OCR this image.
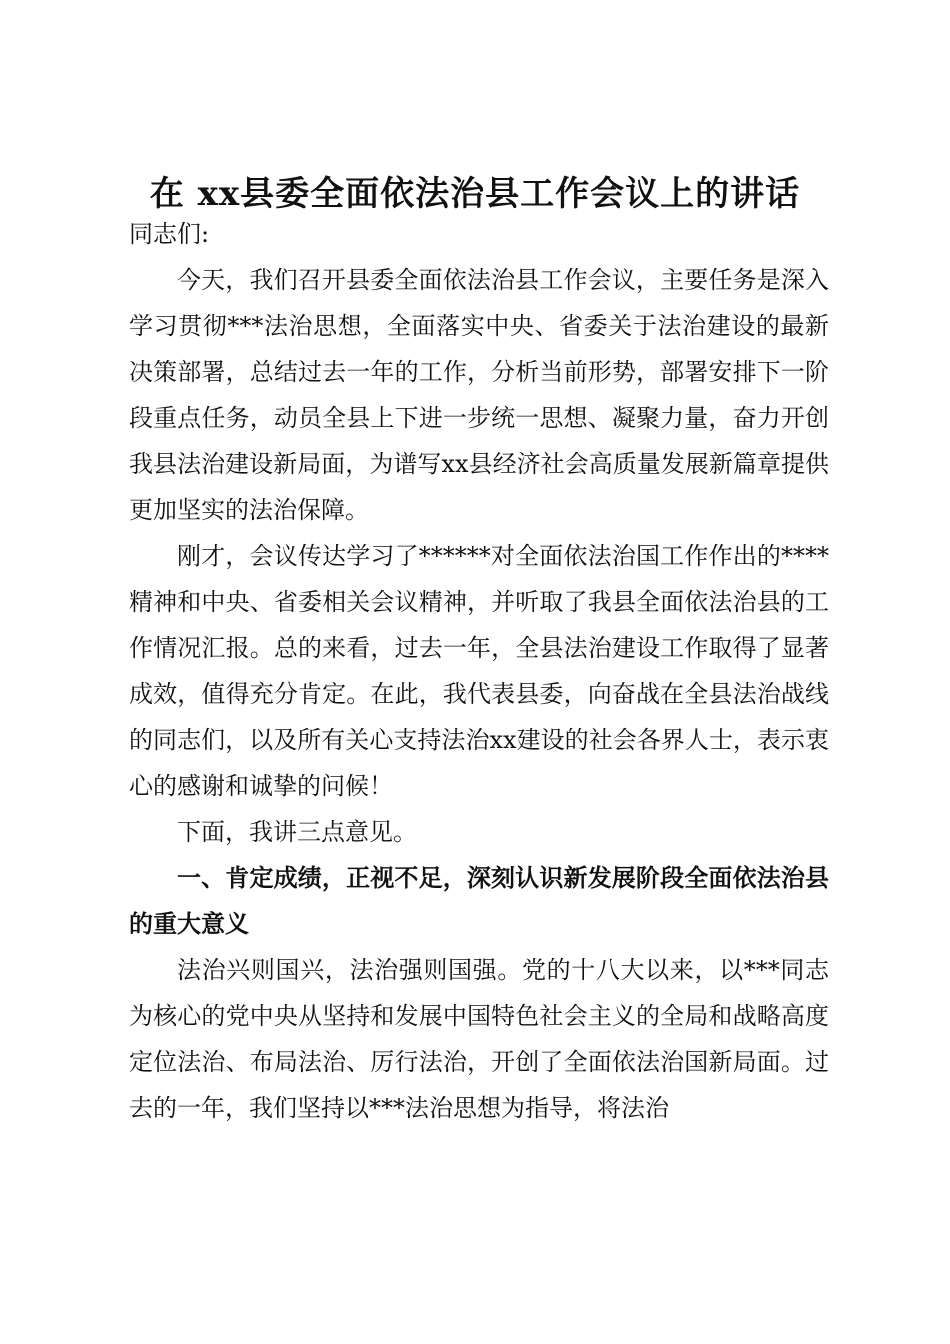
在 xx县委全面依法治县工作会议上的讲话

同志们:

今天，我们召开县委全面依法治县工作会议，主要任务是深入学习贯彻***法治思想，全面落实中央、省委关于法治建设的最新决策部署，总结过去一年的工作，分析当前形势，部署安排下一阶段重点任务，动员全县上下进一步统一思想、凝聚力量，奋力开创我县法治建设新局面，为谱写xx县经济社会高质量发展新篇章提供更加坚实的法治保障。

刚才，会议传达学习了******对全面依法治国工作作出的****精神和中央、省委相关会议精神，并听取了我县全面依法治县的工作情况汇报。总的来看，过去一年，全县法治建设工作取得了显著成效，值得充分肯定。在此，我代表县委，向奋战在全县法治战线的同志们，以及所有关心支持法治xx建设的社会各界人士，表示衷心的感谢和诚挚的问候！

下面，我讲三点意见。

一、肯定成绩，正视不足，深刻认识新发展阶段全面依法治县的重大意义

法治兴则国兴，法治强则国强。党的十八大以来，以***同志为核心的党中央从坚持和发展中国特色社会主义的全局和战略高度定位法治、布局法治、厉行法治，开创了全面依法治国新局面。过去的一年，我们坚持以***法治思想为指导，将法治
